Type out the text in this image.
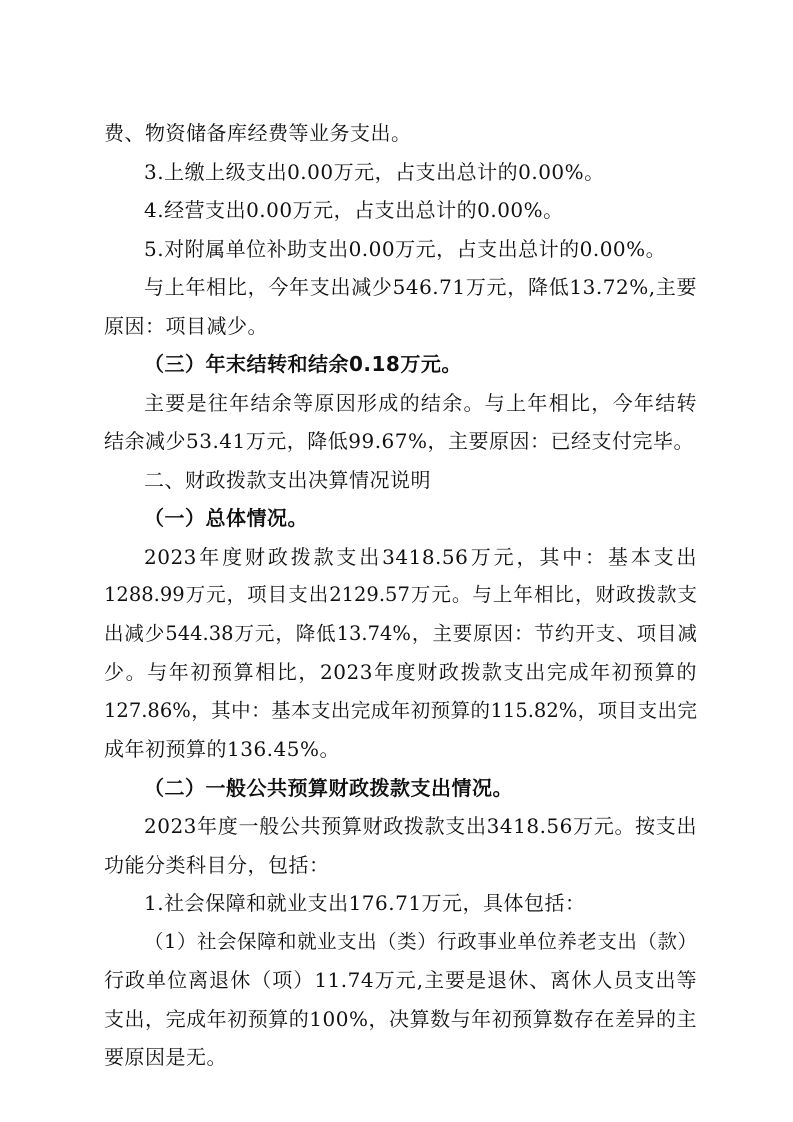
费、物资储备库经费等业务支出。
3.上缴上级支出0.00万元，占支出总计的0.00%。
4.经营支出0.00万元，占支出总计的0.00%。
5.对附属单位补助支出0.00万元，占支出总计的0.00%。
与上年相比，今年支出减少546.71万元，降低13.72%,主要
原因：项目减少。
（三）年末结转和结余0.18万元。
主要是往年结余等原因形成的结余。与上年相比，今年结转
结余减少53.41万元，降低99.67%，主要原因：已经支付完毕。
二、财政拨款支出决算情况说明
（一）总体情况。
2023年度财政拨款支出3418.56万元，其中：基本支出
1288.99万元，项目支出2129.57万元。与上年相比，财政拨款支
出减少544.38万元，降低13.74%，主要原因：节约开支、项目减
少。与年初预算相比，2023年度财政拨款支出完成年初预算的
127.86%，其中：基本支出完成年初预算的115.82%，项目支出完
成年初预算的136.45%。
（二）一般公共预算财政拨款支出情况。
2023年度一般公共预算财政拨款支出3418.56万元。按支出
功能分类科目分，包括：
1.社会保障和就业支出176.71万元，具体包括：
（1）社会保障和就业支出（类）行政事业单位养老支出（款）
行政单位离退休（项）11.74万元,主要是退休、离休人员支出等
支出，完成年初预算的100%，决算数与年初预算数存在差异的主
要原因是无。
